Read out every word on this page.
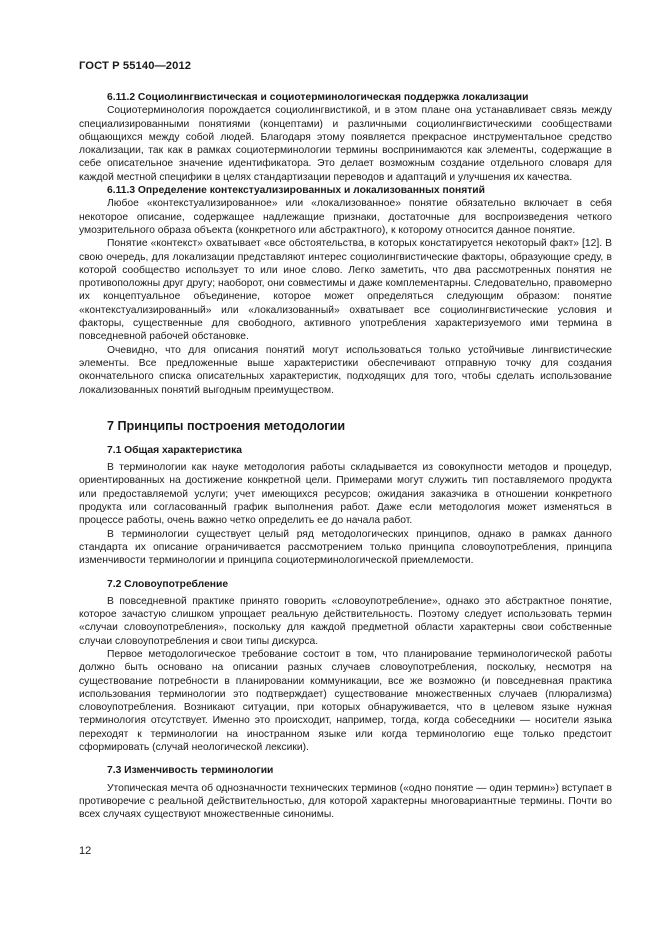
ГОСТ Р 55140—2012
6.11.2 Социолингвистическая и социотерминологическая поддержка локализации

Социотерминология порождается социолингвистикой, и в этом плане она устанавливает связь между специализированными понятиями (концептами) и различными социолингвистическими сообществами общающихся между собой людей. Благодаря этому появляется прекрасное инструментальное средство локализации, так как в рамках социотерминологии термины воспринимаются как элементы, содержащие в себе описательное значение идентификатора. Это делает возможным создание отдельного словаря для каждой местной специфики в целях стандартизации переводов и адаптаций и улучшения их качества.

6.11.3 Определение контекстуализированных и локализованных понятий

Любое «контекстуализированное» или «локализованное» понятие обязательно включает в себя некоторое описание, содержащее надлежащие признаки, достаточные для воспроизведения четкого умозрительного образа объекта (конкретного или абстрактного), к которому относится данное понятие.

Понятие «контекст» охватывает «все обстоятельства, в которых констатируется некоторый факт» [12]. В свою очередь, для локализации представляют интерес социолингвистические факторы, образующие среду, в которой сообщество использует то или иное слово. Легко заметить, что два рассмотренных понятия не противоположны друг другу; наоборот, они совместимы и даже комплементарны. Следовательно, правомерно их концептуальное объединение, которое может определяться следующим образом: понятие «контекстуализированный» или «локализованный» охватывает все социолингвистические условия и факторы, существенные для свободного, активного употребления характеризуемого ими термина в повседневной рабочей обстановке.

Очевидно, что для описания понятий могут использоваться только устойчивые лингвистические элементы. Все предложенные выше характеристики обеспечивают отправную точку для создания окончательного списка описательных характеристик, подходящих для того, чтобы сделать использование локализованных понятий выгодным преимуществом.

7 Принципы построения методологии
7.1 Общая характеристика

В терминологии как науке методология работы складывается из совокупности методов и процедур, ориентированных на достижение конкретной цели. Примерами могут служить тип поставляемого продукта или предоставляемой услуги; учет имеющихся ресурсов; ожидания заказчика в отношении конкретного продукта или согласованный график выполнения работ. Даже если методология может изменяться в процессе работы, очень важно четко определить ее до начала работ.

В терминологии существует целый ряд методологических принципов, однако в рамках данного стандарта их описание ограничивается рассмотрением только принципа словоупотребления, принципа изменчивости терминологии и принципа социотерминологической приемлемости.

7.2 Словоупотребление

В повседневной практике принято говорить «словоупотребление», однако это абстрактное понятие, которое зачастую слишком упрощает реальную действительность. Поэтому следует использовать термин «случаи словоупотребления», поскольку для каждой предметной области характерны свои собственные случаи словоупотребления и свои типы дискурса.

Первое методологическое требование состоит в том, что планирование терминологической работы должно быть основано на описании разных случаев словоупотребления, поскольку, несмотря на существование потребности в планировании коммуникации, все же возможно (и повседневная практика использования терминологии это подтверждает) существование множественных случаев (плюрализма) словоупотребления. Возникают ситуации, при которых обнаруживается, что в целевом языке нужная терминология отсутствует. Именно это происходит, например, тогда, когда собеседники — носители языка переходят к терминологии на иностранном языке или когда терминологию еще только предстоит сформировать (случай неологической лексики).

7.3 Изменчивость терминологии

Утопическая мечта об однозначности технических терминов («одно понятие — один термин») вступает в противоречие с реальной действительностью, для которой характерны многовариантные термины. Почти во всех случаях существуют множественные синонимы.

12
